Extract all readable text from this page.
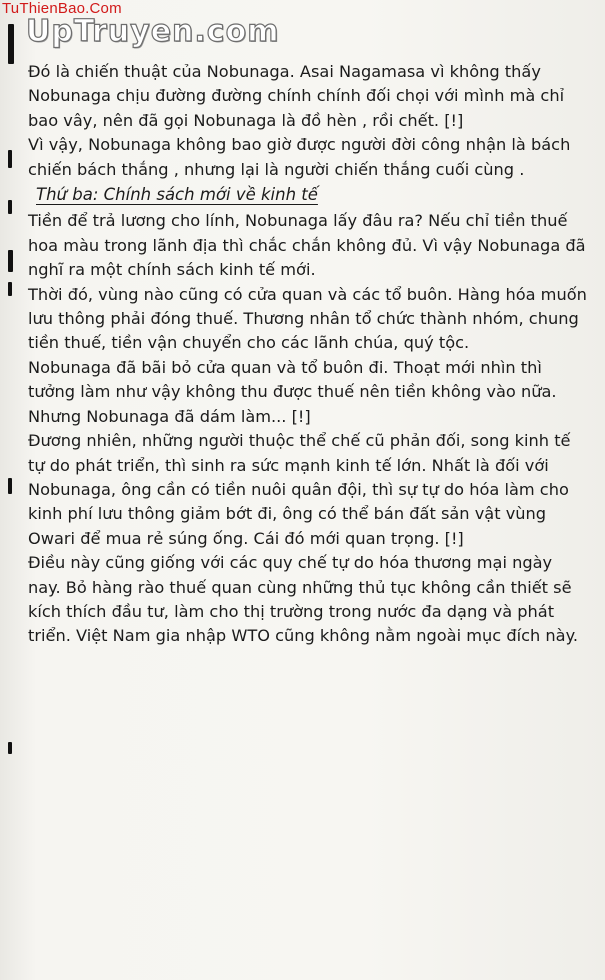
TuThienBao.Com
UpTruyen.com

Đó là chiến thuật của Nobunaga. Asai Nagamasa vì không thấy Nobunaga chịu đường đường chính chính đối chọi với mình mà chỉ bao vây, nên đã gọi Nobunaga là đồ hèn , rồi chết. [!]

Vì vậy, Nobunaga không bao giờ được người đời công nhận là bách chiến bách thắng , nhưng lại là người chiến thắng cuối cùng .

Thứ ba: Chính sách mới về kinh tế

Tiền để trả lương cho lính, Nobunaga lấy đâu ra? Nếu chỉ tiền thuế hoa màu trong lãnh địa thì chắc chắn không đủ. Vì vậy Nobunaga đã nghĩ ra một chính sách kinh tế mới.

Thời đó, vùng nào cũng có cửa quan và các tổ buôn. Hàng hóa muốn lưu thông phải đóng thuế. Thương nhân tổ chức thành nhóm, chung tiền thuế, tiền vận chuyển cho các lãnh chúa, quý tộc.

Nobunaga đã bãi bỏ cửa quan và tổ buôn đi. Thoạt mới nhìn thì tưởng làm như vậy không thu được thuế nên tiền không vào nữa. Nhưng Nobunaga đã dám làm... [!]

Đương nhiên, những người thuộc thể chế cũ phản đối, song kinh tế tự do phát triển, thì sinh ra sức mạnh kinh tế lớn. Nhất là đối với Nobunaga, ông cần có tiền nuôi quân đội, thì sự tự do hóa làm cho kinh phí lưu thông giảm bớt đi, ông có thể bán đất sản vật vùng Owari để mua rẻ súng ống. Cái đó mới quan trọng. [!]

Điều này cũng giống với các quy chế tự do hóa thương mại ngày nay. Bỏ hàng rào thuế quan cùng những thủ tục không cần thiết sẽ kích thích đầu tư, làm cho thị trường trong nước đa dạng và phát triển. Việt Nam gia nhập WTO cũng không nằm ngoài mục đích này.
